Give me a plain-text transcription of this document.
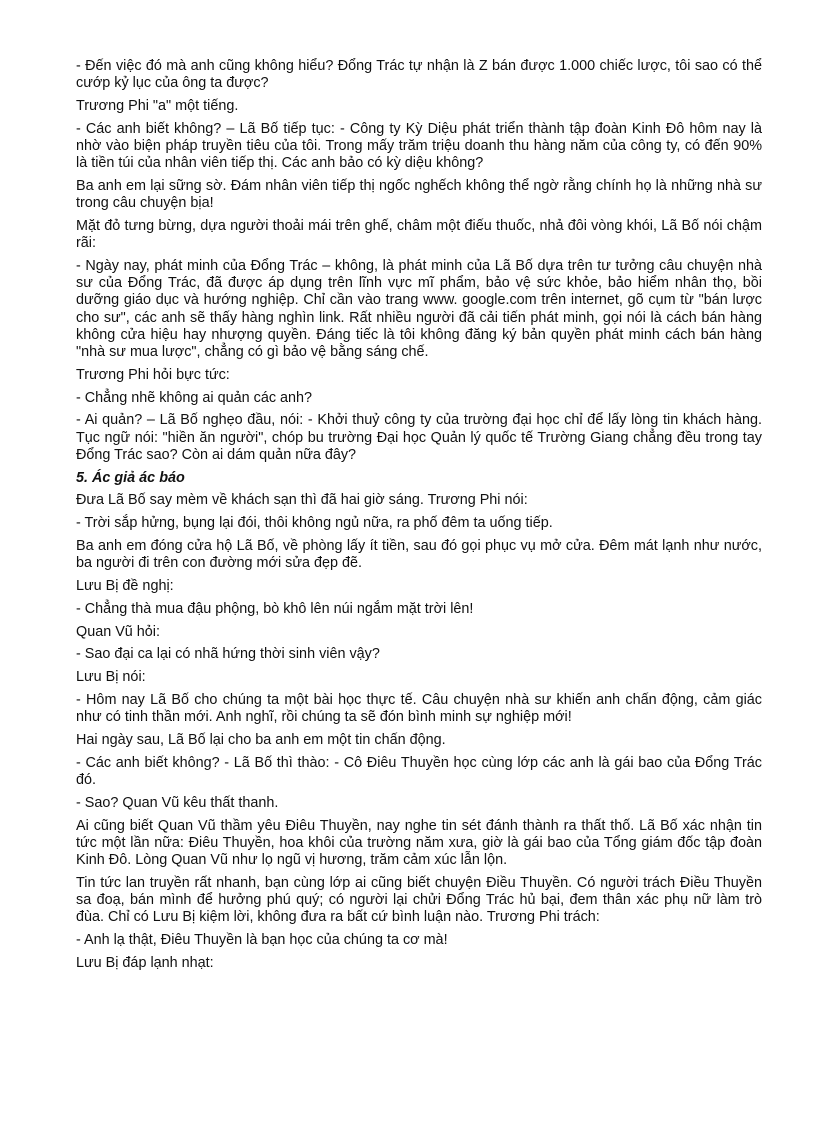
- Đến việc đó mà anh cũng không hiểu? Đổng Trác tự nhận là Z bán được 1.000 chiếc lược, tôi sao có thể cướp kỷ lục của ông ta được?

Trương Phi "a" một tiếng.

- Các anh biết không? – Lã Bố tiếp tục: - Công ty Kỳ Diệu phát triển thành tập đoàn Kinh Đô hôm nay là nhờ vào biện pháp truyền tiêu của tôi. Trong mấy trăm triệu doanh thu hàng năm của công ty, có đến 90% là tiền túi của nhân viên tiếp thị. Các anh bảo có kỳ diệu không?

Ba anh em lại sững sờ. Đám nhân viên tiếp thị ngốc nghếch không thể ngờ rằng chính họ là những nhà sư trong câu chuyện bịa!

Mặt đỏ tưng bừng, dựa người thoải mái trên ghế, châm một điếu thuốc, nhả đôi vòng khói, Lã Bố nói chậm rãi:

- Ngày nay, phát minh của Đổng Trác – không, là phát minh của Lã Bố dựa trên tư tưởng câu chuyện nhà sư của Đổng Trác, đã được áp dụng trên lĩnh vực mĩ phẩm, bảo vệ sức khỏe, bảo hiểm nhân thọ, bồi dưỡng giáo dục và hướng nghiệp. Chỉ cần vào trang www. google.com trên internet, gõ cụm từ "bán lược cho sư", các anh sẽ thấy hàng nghìn link. Rất nhiều người đã cải tiến phát minh, gọi nói là cách bán hàng không cửa hiệu hay nhượng quyền. Đáng tiếc là tôi không đăng ký bản quyền phát minh cách bán hàng "nhà sư mua lược", chẳng có gì bảo vệ bằng sáng chế.

Trương Phi hỏi bực tức:

- Chẳng nhẽ không ai quản các anh?

- Ai quản? – Lã Bố nghẹo đầu, nói: - Khởi thuỷ công ty của trường đại học chỉ để lấy lòng tin khách hàng. Tục ngữ nói: "hiền ăn người", chóp bu trường Đại học Quản lý quốc tế Trường Giang chẳng đều trong tay Đổng Trác sao? Còn ai dám quản nữa đây?

5. Ác giả ác báo

Đưa Lã Bố say mèm về khách sạn thì đã hai giờ sáng. Trương Phi nói:

- Trời sắp hửng, bụng lại đói, thôi không ngủ nữa, ra phố đêm ta uống tiếp.

Ba anh em đóng cửa hộ Lã Bố, về phòng lấy ít tiền, sau đó gọi phục vụ mở cửa. Đêm mát lạnh như nước, ba người đi trên con đường mới sửa đẹp đẽ.

Lưu Bị đề nghị:

- Chẳng thà mua đậu phộng, bò khô lên núi ngắm mặt trời lên!

Quan Vũ hỏi:

- Sao đại ca lại có nhã hứng thời sinh viên vậy?

Lưu Bị nói:

- Hôm nay Lã Bố cho chúng ta một bài học thực tế. Câu chuyện nhà sư khiến anh chấn động, cảm giác như có tinh thần mới. Anh nghĩ, rồi chúng ta sẽ đón bình minh sự nghiệp mới!

Hai ngày sau, Lã Bố lại cho ba anh em một tin chấn động.

- Các anh biết không? - Lã Bố thì thào: - Cô Điêu Thuyền học cùng lớp các anh là gái bao của Đổng Trác đó.

- Sao? Quan Vũ kêu thất thanh.

Ai cũng biết Quan Vũ thầm yêu Điêu Thuyền, nay nghe tin sét đánh thành ra thất thố. Lã Bố xác nhận tin tức một lần nữa: Điêu Thuyền, hoa khôi của trường năm xưa, giờ là gái bao của Tổng giám đốc tập đoàn Kinh Đô. Lòng Quan Vũ như lọ ngũ vị hương, trăm cảm xúc lẫn lộn.

Tin tức lan truyền rất nhanh, bạn cùng lớp ai cũng biết chuyện Điều Thuyền. Có người trách Điều Thuyền sa đoạ, bán mình để hưởng phú quý; có người lại chửi Đổng Trác hủ bại, đem thân xác phụ nữ làm trò đùa. Chỉ có Lưu Bị kiệm lời, không đưa ra bất cứ bình luận nào. Trương Phi trách:

- Anh lạ thật, Điêu Thuyền là bạn học của chúng ta cơ mà!

Lưu Bị đáp lạnh nhạt:
